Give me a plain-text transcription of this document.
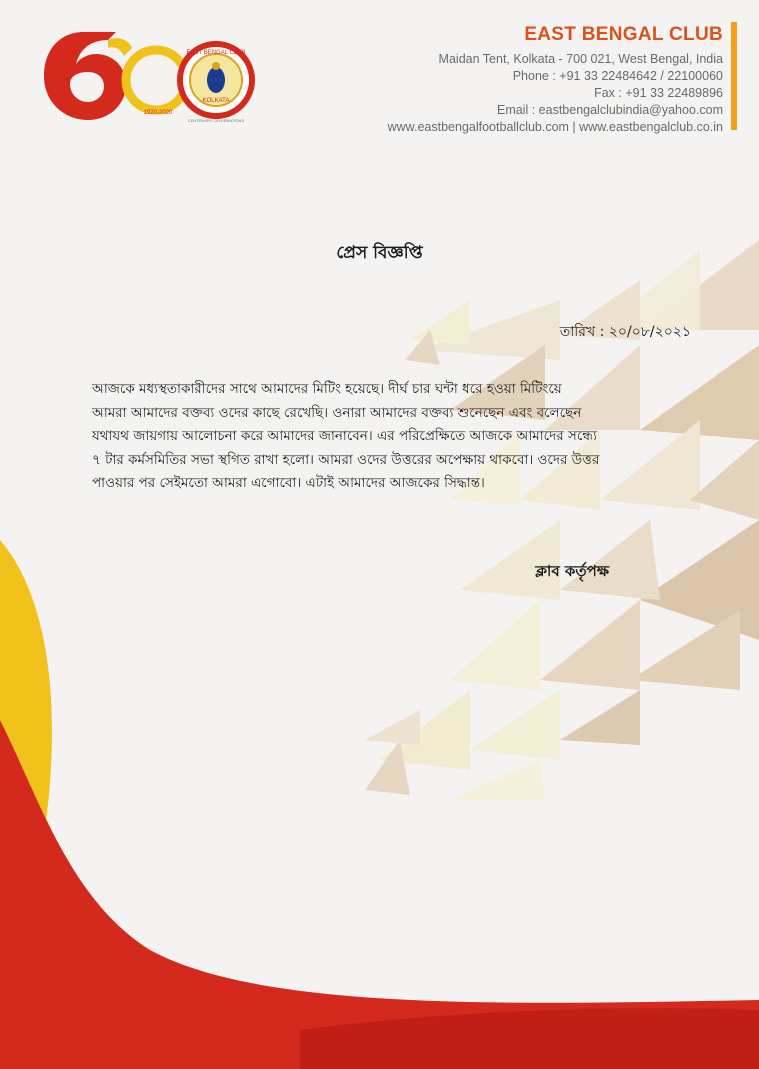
EAST BENGAL CLUB
KOLKATA
1920-2020
CENTENARY CELEBRATIONS
EAST BENGAL CLUB
Maidan Tent, Kolkata - 700 021, West Bengal, India
Phone : +91 33 22484642 / 22100060
Fax : +91 33 22489896
Email : eastbengalclubindia@yahoo.com
www.eastbengalfootballclub.com | www.eastbengalclub.co.in
প্রেস বিজ্ঞপ্তি
তারিখ : ২০/০৮/২০২১
আজকে মধ্যস্থতাকারীদের সাথে আমাদের মিটিং হয়েছে। দীর্ঘ চার ঘন্টা ধরে হওয়া মিটিংয়ে
আমরা আমাদের বক্তব্য ওদের কাছে রেখেছি। ওনারা আমাদের বক্তব্য শুনেছেন এবং বলেছেন
যথাযথ জায়গায় আলোচনা করে আমাদের জানাবেন। এর পরিপ্রেক্ষিতে আজকে আমাদের সন্ধ্যে
৭ টার কর্মসমিতির সভা স্থগিত রাখা হলো। আমরা ওদের উত্তরের অপেক্ষায় থাকবো। ওদের উত্তর
পাওয়ার পর সেইমতো আমরা এগোবো। এটাই আমাদের আজকের সিদ্ধান্ত।
ক্লাব কর্তৃপক্ষ
